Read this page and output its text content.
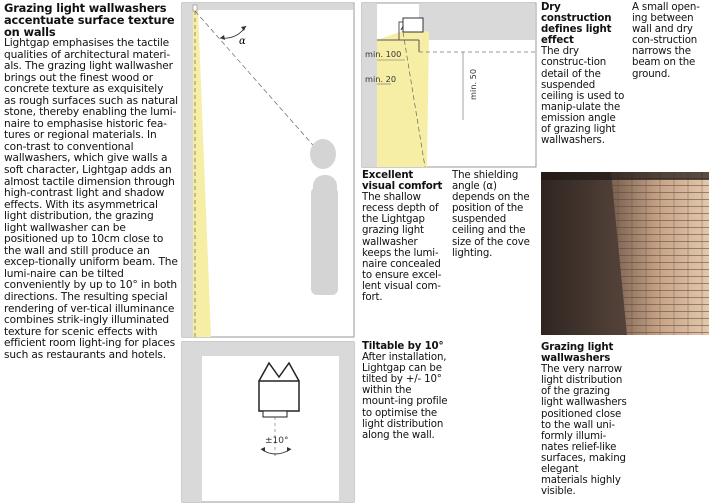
Grazing light wallwashers accentuate surface texture on walls

Lightgap emphasises the tactile qualities of architectural materi-als. The grazing light wallwasher brings out the finest wood or concrete texture as exquisitely as rough surfaces such as natural stone, thereby enabling the lumi-naire to emphasise historic fea-tures or regional materials. In con-trast to conventional wallwashers, which give walls a soft character, Lightgap adds an almost tactile dimension through high-contrast light and shadow effects. With its asymmetrical light distribution, the grazing light wallwasher can be positioned up to 10cm close to the wall and still produce an excep-tionally uniform beam. The lumi-naire can be tilted conveniently by up to 10° in both directions. The resulting special rendering of ver-tical illuminance combines strik-ingly illuminated texture for scenic effects with efficient room light-ing for places such as restaurants and hotels.

α
min. 100
min. 20	min. 50
±10°
Excellent visual comfort

The shallow recess depth of the Lightgap grazing light wallwasher keeps the lumi-naire concealed to ensure excel-lent visual com-fort.

The shielding angle (α) depends on the position of the suspended ceiling and the size of the cove lighting.

Tiltable by 10°

After installation, Lightgap can be tilted by +/- 10° within the mount-ing profile to optimise the light distribution along the wall.

Dry construction defines light effect

The dry construc-tion detail of the suspended ceiling is used to manip-ulate the emission angle of grazing light wallwashers.

A small open-ing between wall and dry con-struction narrows the beam on the ground.

Grazing light wallwashers

The very narrow light distribution of the grazing light wallwashers positioned close to the wall uni-formly illumi-nates relief-like surfaces, making elegant materials highly visible.
